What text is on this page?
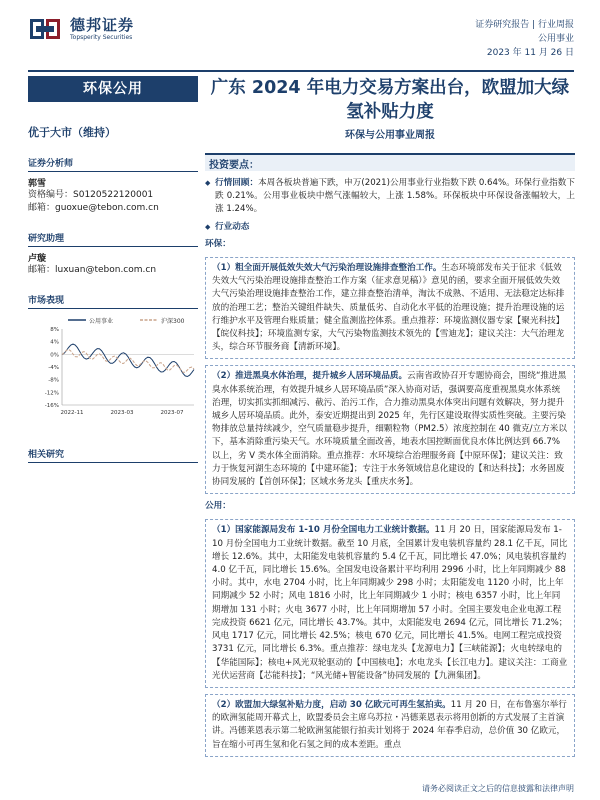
德邦证券
Topsperity Securities
证券研究报告 | 行业周报
公用事业
2023 年 11 月 26 日
环保公用
优于大市（维持）
证券分析师
郭雪
资格编号：S0120522120001
邮箱：guoxue@tebon.com.cn
研究助理
卢璇
邮箱：luxuan@tebon.com.cn
市场表现
公用事业	沪深300
8%
4%
0%
-4%
-8%
-12%
-16%
2022-11	2023-03	2023-07
相关研究
广东 2024 年电力交易方案出台，欧盟加大绿氢补贴力度
环保与公用事业周报
投资要点：

◆ 行情回顾：本周各板块普遍下跌，申万(2021)公用事业行业指数下跌 0.64%。环保行业指数下跌 0.21%。公用事业板块中燃气涨幅较大，上涨 1.58%。环保板块中环保设备涨幅较大，上涨 1.24%。

◆ 行业动态

环保：

（1）粗全面开展低效失效大气污染治理设施排查整治工作。生态环境部发布关于征求《低效失效大气污染治理设施排查整治工作方案（征求意见稿）》意见的函，要求全面开展低效失效大气污染治理设施排查整治工作，建立排查整治清单，淘汰不成熟、不适用、无法稳定达标排放的治理工艺；整治关键组件缺失、质量低劣、自动化水平低的治理设施；提升治理设施的运行维护水平及管理台账质量；健全监测监控体系。重点推荐：环境监测仪器专家【聚光科技】【皖仪科技】；环境监测专家，大气污染物监测技术领先的【雪迪龙】；建议关注：大气治理龙头，综合环节服务商【清新环境】。
（2）推进黑臭水体治理，提升城乡人居环境品质。云南省政协召开专题协商会，围绕“推进黑臭水体系统治理，有效提升城乡人居环境品质”深入协商对话，强调要高度重视黑臭水体系统治理，切实抓实抓细减污、截污、治污工作，合力推动黑臭水体突出问题有效解决，努力提升城乡人居环境品质。此外，泰安近期提出到 2025 年，先行区建设取得实质性突破。主要污染物排放总量持续减少，空气质量稳步提升，细颗粒物（PM2.5）浓度控制在 40 微克/立方米以下，基本消除重污染天气。水环境质量全面改善，地表水国控断面优良水体比例达到 66.7%以上，劣 V 类水体全面消除。重点推荐：水环境综合治理服务商【中原环保】；建议关注：致力于恢复河湖生态环境的【中建环能】；专注于水务领域信息化建设的【和达科技】；水务固废协同发展的【首创环保】；区域水务龙头【重庆水务】。

公用：

（1）国家能源局发布 1-10 月份全国电力工业统计数据。11 月 20 日，国家能源局发布 1-10 月份全国电力工业统计数据。截至 10 月底，全国累计发电装机容量约 28.1 亿千瓦，同比增长 12.6%。其中，太阳能发电装机容量约 5.4 亿千瓦，同比增长 47.0%；风电装机容量约 4.0 亿千瓦，同比增长 15.6%。全国发电设备累计平均利用 2996 小时，比上年同期减少 88 小时。其中，水电 2704 小时，比上年同期减少 298 小时；太阳能发电 1120 小时，比上年同期减少 52 小时；风电 1816 小时，比上年同期减少 1 小时；核电 6357 小时，比上年同期增加 131 小时；火电 3677 小时，比上年同期增加 57 小时。全国主要发电企业电源工程完成投资 6621 亿元，同比增长 43.7%。其中，太阳能发电 2694 亿元，同比增长 71.2%；风电 1717 亿元，同比增长 42.5%；核电 670 亿元，同比增长 41.5%。电网工程完成投资 3731 亿元，同比增长 6.3%。重点推荐：绿电龙头【龙源电力】【三峡能源】；火电转绿电的【华能国际】；核电+风光双轮驱动的【中国核电】；水电龙头【长江电力】。建议关注：工商业光伏运营商【芯能科技】；“风光储+智能设备”协同发展的【九洲集团】。
（2）欧盟加大绿氢补贴力度，启动 30 亿欧元可再生氢拍卖。11 月 20 日，在布鲁塞尔举行的欧洲氢能周开幕式上，欧盟委员会主席乌苏拉・冯德莱恩表示将用创新的方式发展了主首演讲。冯德莱恩表示第二轮欧洲氢能银行拍卖计划将于 2024 年春季启动，总价值 30 亿欧元，旨在缩小可再生氢和化石氢之间的成本差距。重点
请务必阅读正文之后的信息披露和法律声明
